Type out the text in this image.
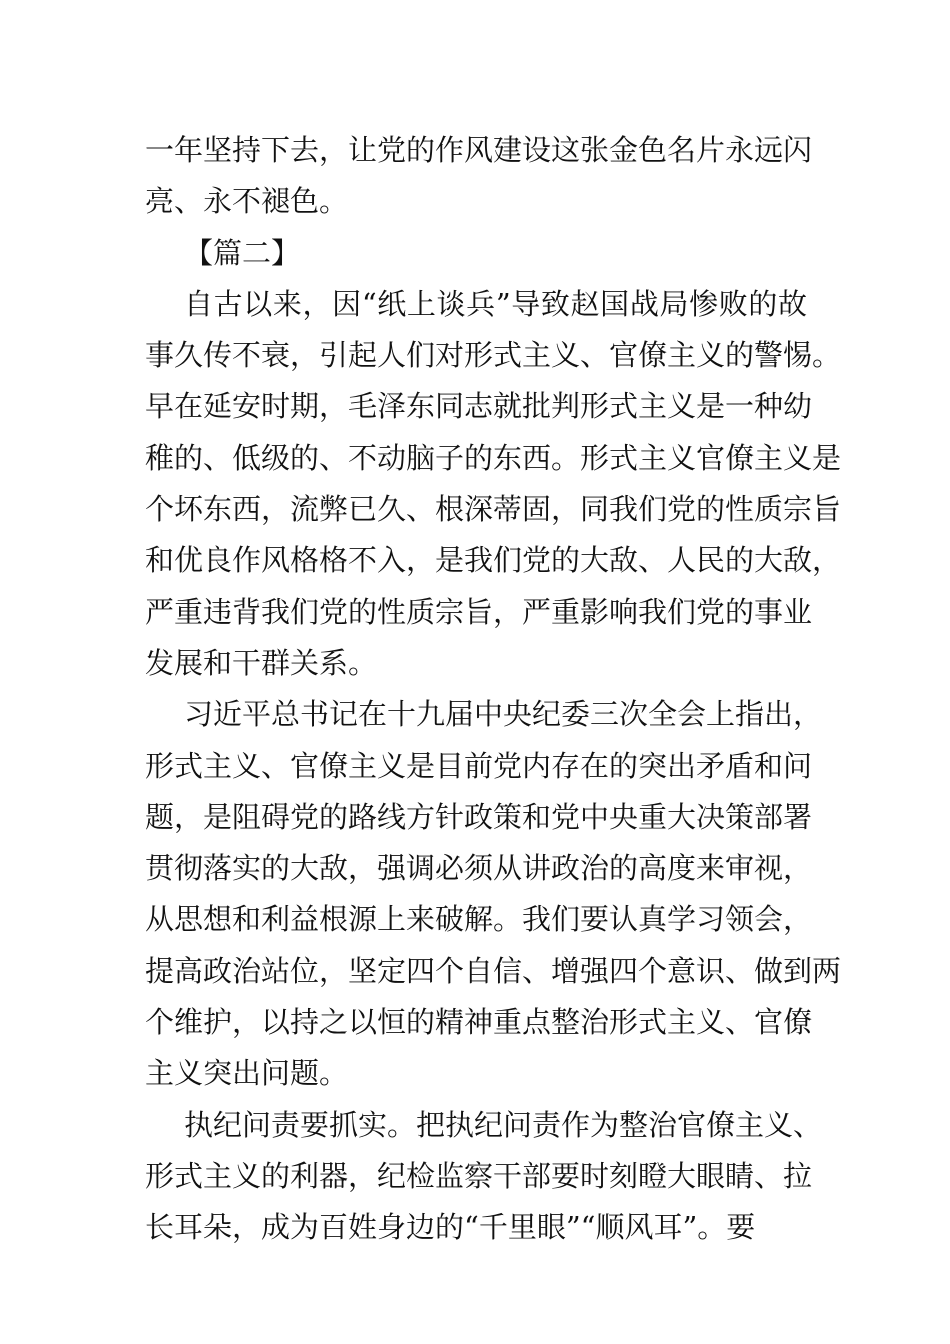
一年坚持下去，让党的作风建设这张金色名片永远闪
亮、永不褪色。
【篇二】
自古以来，因“纸上谈兵”导致赵国战局惨败的故
事久传不衰，引起人们对形式主义、官僚主义的警惕。
早在延安时期，毛泽东同志就批判形式主义是一种幼
稚的、低级的、不动脑子的东西。形式主义官僚主义是
个坏东西，流弊已久、根深蒂固，同我们党的性质宗旨
和优良作风格格不入，是我们党的大敌、人民的大敌，
严重违背我们党的性质宗旨，严重影响我们党的事业
发展和干群关系。
习近平总书记在十九届中央纪委三次全会上指出，
形式主义、官僚主义是目前党内存在的突出矛盾和问
题，是阻碍党的路线方针政策和党中央重大决策部署
贯彻落实的大敌，强调必须从讲政治的高度来审视，
从思想和利益根源上来破解。我们要认真学习领会，
提高政治站位，坚定四个自信、增强四个意识、做到两
个维护，以持之以恒的精神重点整治形式主义、官僚
主义突出问题。
执纪问责要抓实。把执纪问责作为整治官僚主义、
形式主义的利器，纪检监察干部要时刻瞪大眼睛、拉
长耳朵，成为百姓身边的“千里眼”“顺风耳”。要
